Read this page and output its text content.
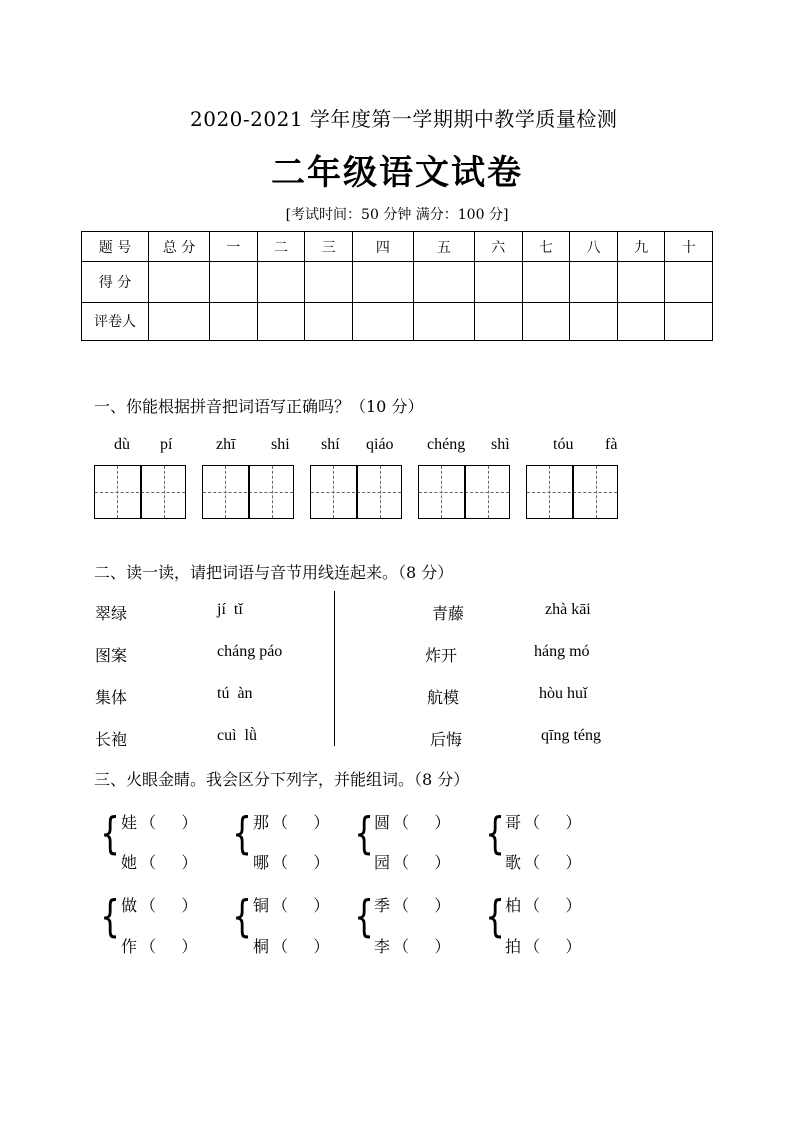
2020-2021 学年度第一学期期中教学质量检测
二年级语文试卷
[考试时间：50 分钟 满分：100 分]
题 号	总 分	一	二	三	四	五	六	七	八	九	十
得 分											
评卷人											
一、你能根据拼音把词语写正确吗？（10 分）
dù pí	zhī shi shí qiáo chéng shì	tóu fà
二、读一读，请把词语与音节用线连起来。（8 分）
翠绿
图案
集体
长袍
jí  tǐ
cháng páo
tú  àn
cuì  lǜ
青藤
炸开
航模
后悔
zhà kāi
háng mó
hòu huǐ
qīng téng
三、火眼金睛。我会区分下列字，并能组词。（8 分）
{ 娃 （     ）
她 （     ）
{ 那 （     ）
哪 （     ）
{ 圆 （     ）
园 （     ）
{ 哥 （     ）
歌 （     ）
{ 做 （     ）
作 （     ）
{ 铜 （     ）
桐 （     ）
{ 季 （     ）
李 （     ）
{ 柏 （     ）
拍 （     ）
